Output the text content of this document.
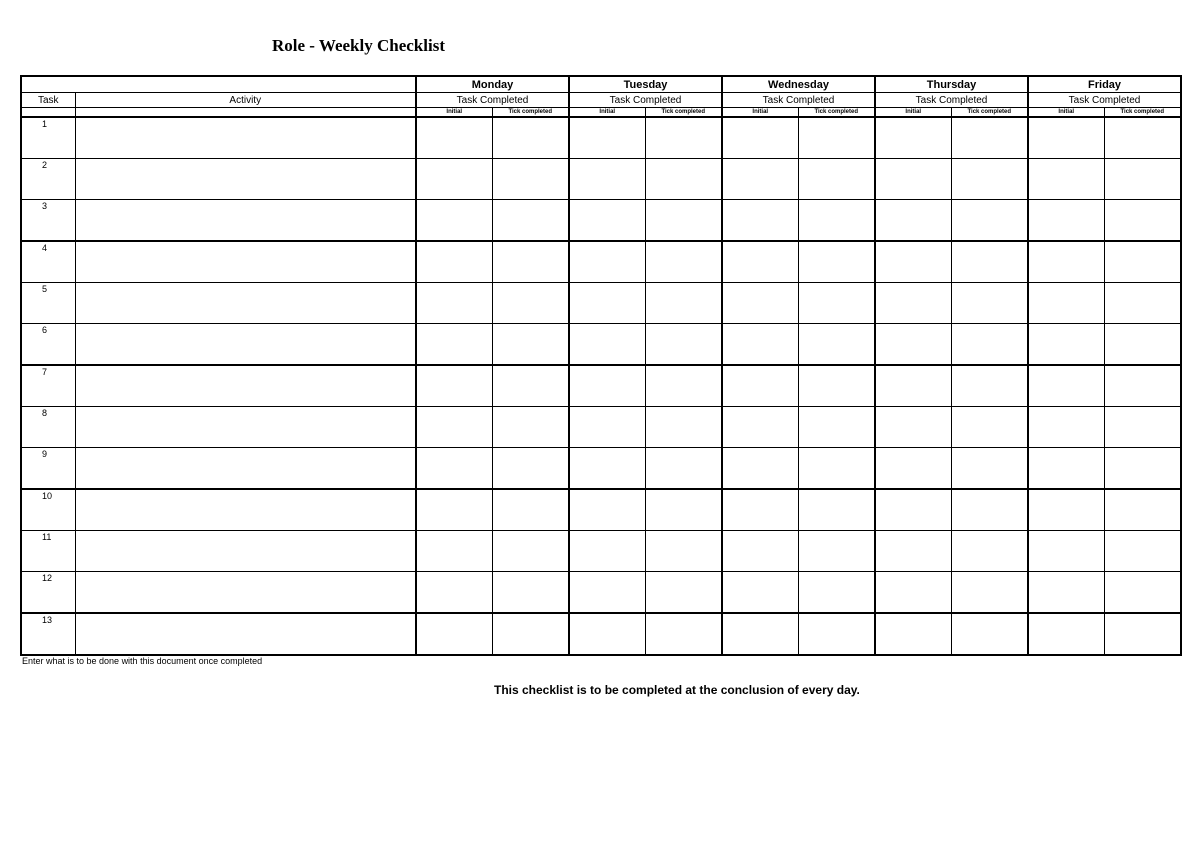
Role - Weekly Checklist
		Monday		Tuesday		Wednesday		Thursday		Friday	
Task	Activity	Task Completed		Task Completed		Task Completed		Task Completed		Task Completed	
		Initial	Tick completed	Initial	Tick completed	Initial	Tick completed	Initial	Tick completed	Initial	Tick completed
1											
2											
3											
4											
5											
6											
7											
8											
9											
10											
11											
12											
13											
Enter what is to be done with this document once completed
This checklist is to be completed at the conclusion of every day.
